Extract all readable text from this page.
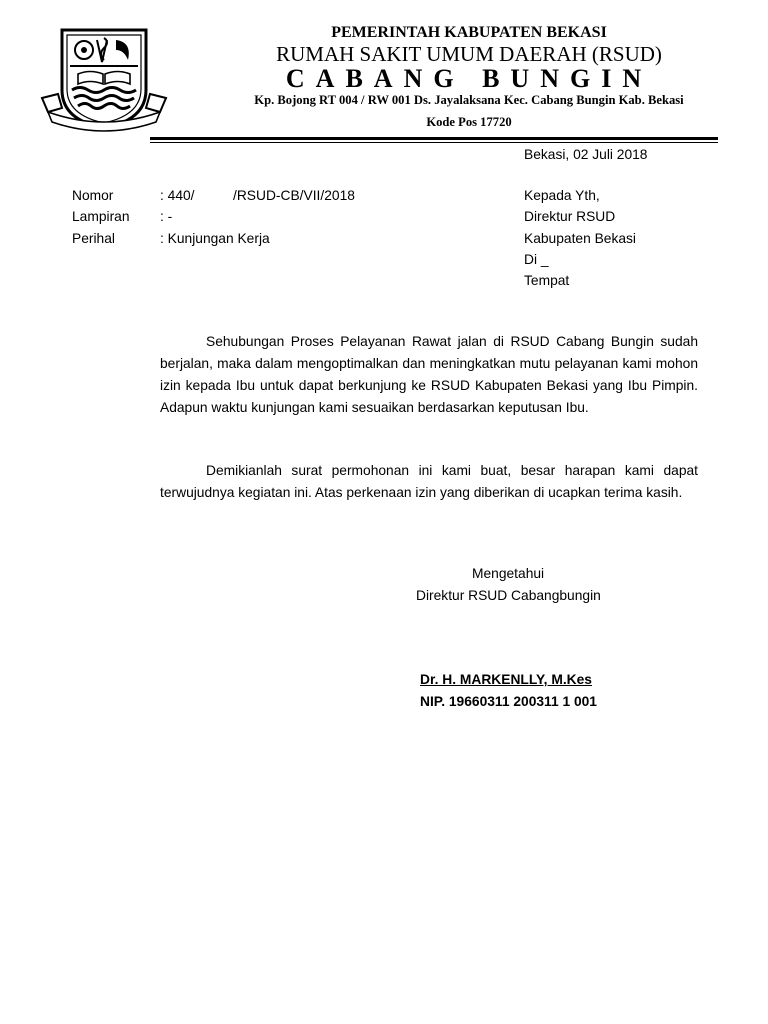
PEMERINTAH KABUPATEN BEKASI
RUMAH SAKIT UMUM DAERAH (RSUD)
CABANG BUNGIN
Kp. Bojong RT 004 / RW 001 Ds. Jayalaksana Kec. Cabang Bungin Kab. Bekasi
Kode Pos 17720
Bekasi, 02 Juli 2018
Nomor	: 440/	/RSUD-CB/VII/2018
Lampiran : -
Perihal	: Kunjungan Kerja
Kepada Yth,
Direktur RSUD
Kabupaten Bekasi
Di _
Tempat
Sehubungan Proses Pelayanan Rawat jalan di RSUD Cabang Bungin sudah berjalan, maka dalam mengoptimalkan dan meningkatkan mutu pelayanan kami mohon izin kepada Ibu untuk dapat berkunjung ke RSUD Kabupaten Bekasi yang Ibu Pimpin. Adapun waktu kunjungan kami sesuaikan berdasarkan keputusan Ibu.
Demikianlah surat permohonan ini kami buat, besar harapan kami dapat terwujudnya kegiatan ini. Atas perkenaan izin yang diberikan di ucapkan terima kasih.
Mengetahui
Direktur RSUD Cabangbungin
Dr. H. MARKENLLY, M.Kes
NIP. 19660311 200311 1 001
